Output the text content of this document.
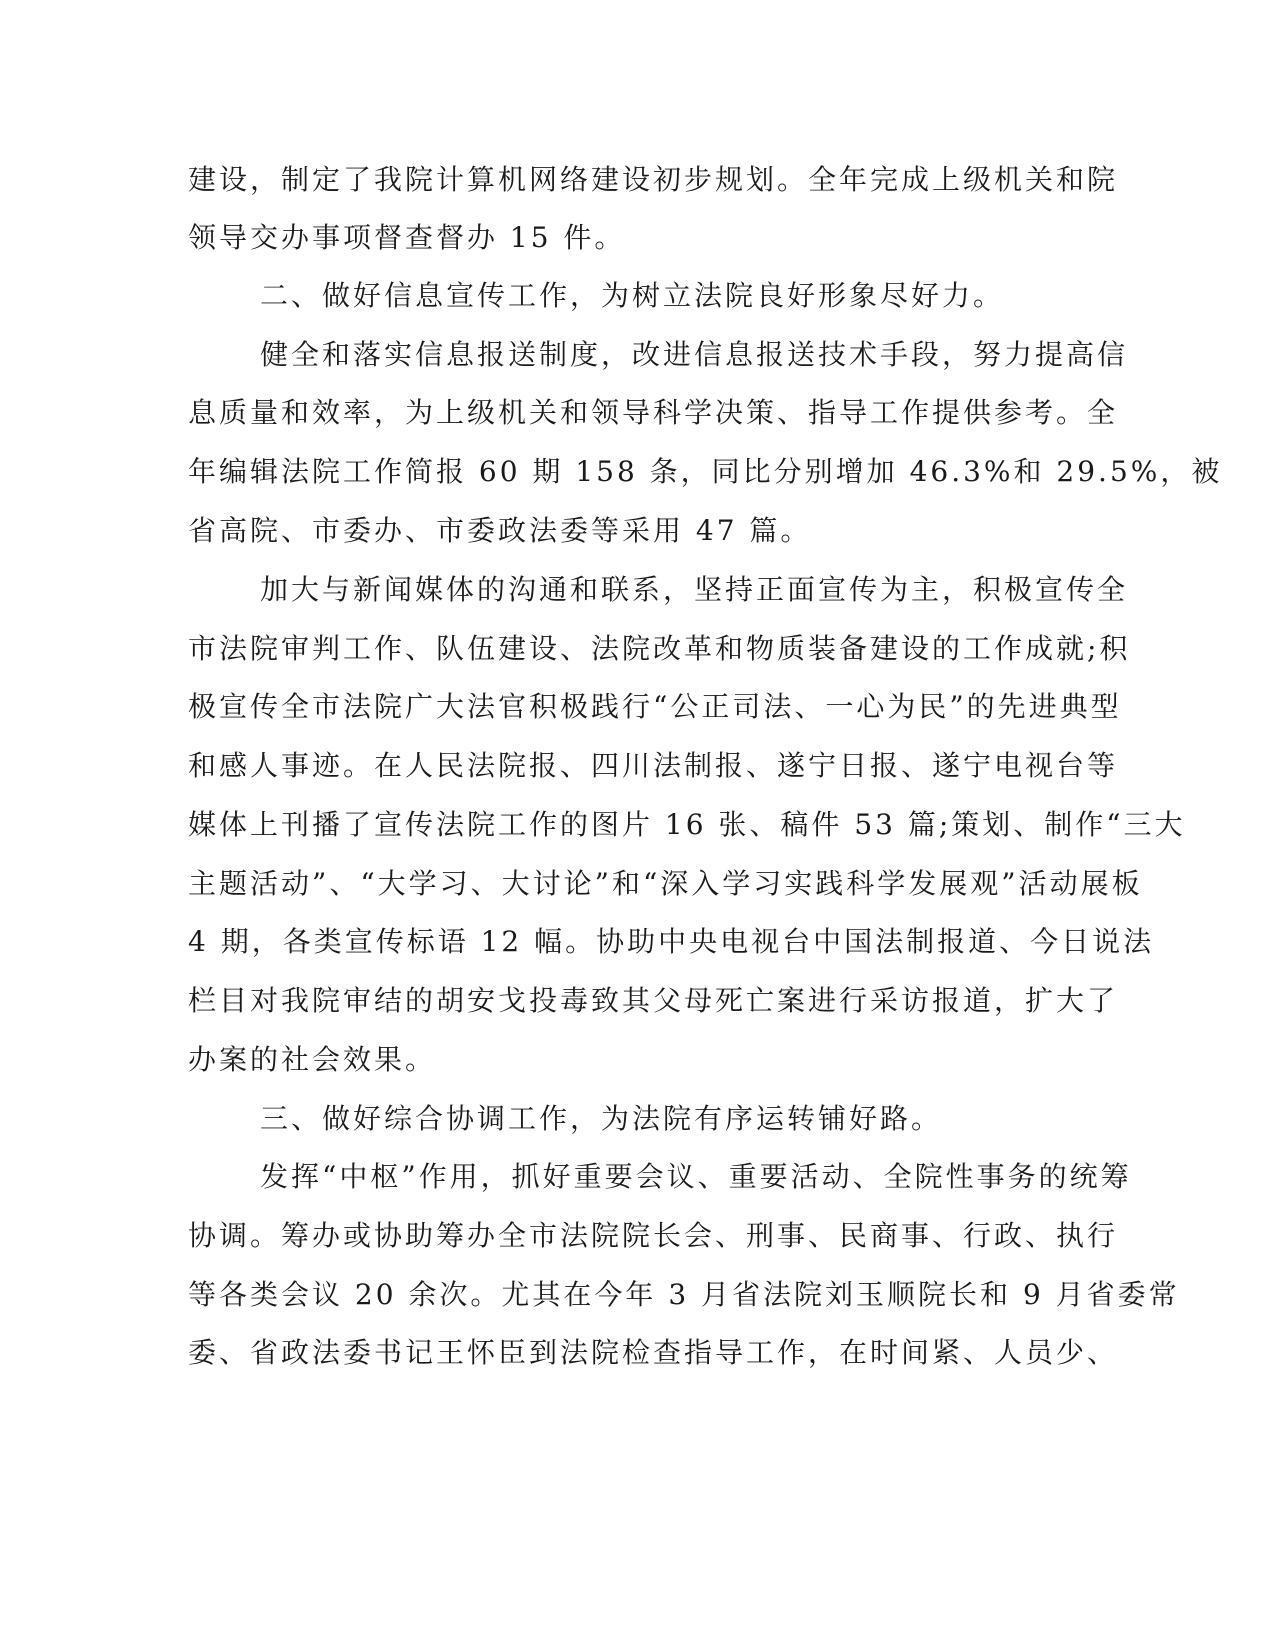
建设，制定了我院计算机网络建设初步规划。全年完成上级机关和院

领导交办事项督查督办 15 件。

二、做好信息宣传工作，为树立法院良好形象尽好力。

健全和落实信息报送制度，改进信息报送技术手段，努力提高信

息质量和效率，为上级机关和领导科学决策、指导工作提供参考。全

年编辑法院工作简报 60 期 158 条，同比分别增加 46.3%和 29.5%，被

省高院、市委办、市委政法委等采用 47 篇。

加大与新闻媒体的沟通和联系，坚持正面宣传为主，积极宣传全

市法院审判工作、队伍建设、法院改革和物质装备建设的工作成就;积

极宣传全市法院广大法官积极践行“公正司法、一心为民”的先进典型

和感人事迹。在人民法院报、四川法制报、遂宁日报、遂宁电视台等

媒体上刊播了宣传法院工作的图片 16 张、稿件 53 篇;策划、制作“三大

主题活动”、“大学习、大讨论”和“深入学习实践科学发展观”活动展板

4 期，各类宣传标语 12 幅。协助中央电视台中国法制报道、今日说法

栏目对我院审结的胡安戈投毒致其父母死亡案进行采访报道，扩大了

办案的社会效果。

三、做好综合协调工作，为法院有序运转铺好路。

发挥“中枢”作用，抓好重要会议、重要活动、全院性事务的统筹

协调。筹办或协助筹办全市法院院长会、刑事、民商事、行政、执行

等各类会议 20 余次。尤其在今年 3 月省法院刘玉顺院长和 9 月省委常

委、省政法委书记王怀臣到法院检查指导工作，在时间紧、人员少、
